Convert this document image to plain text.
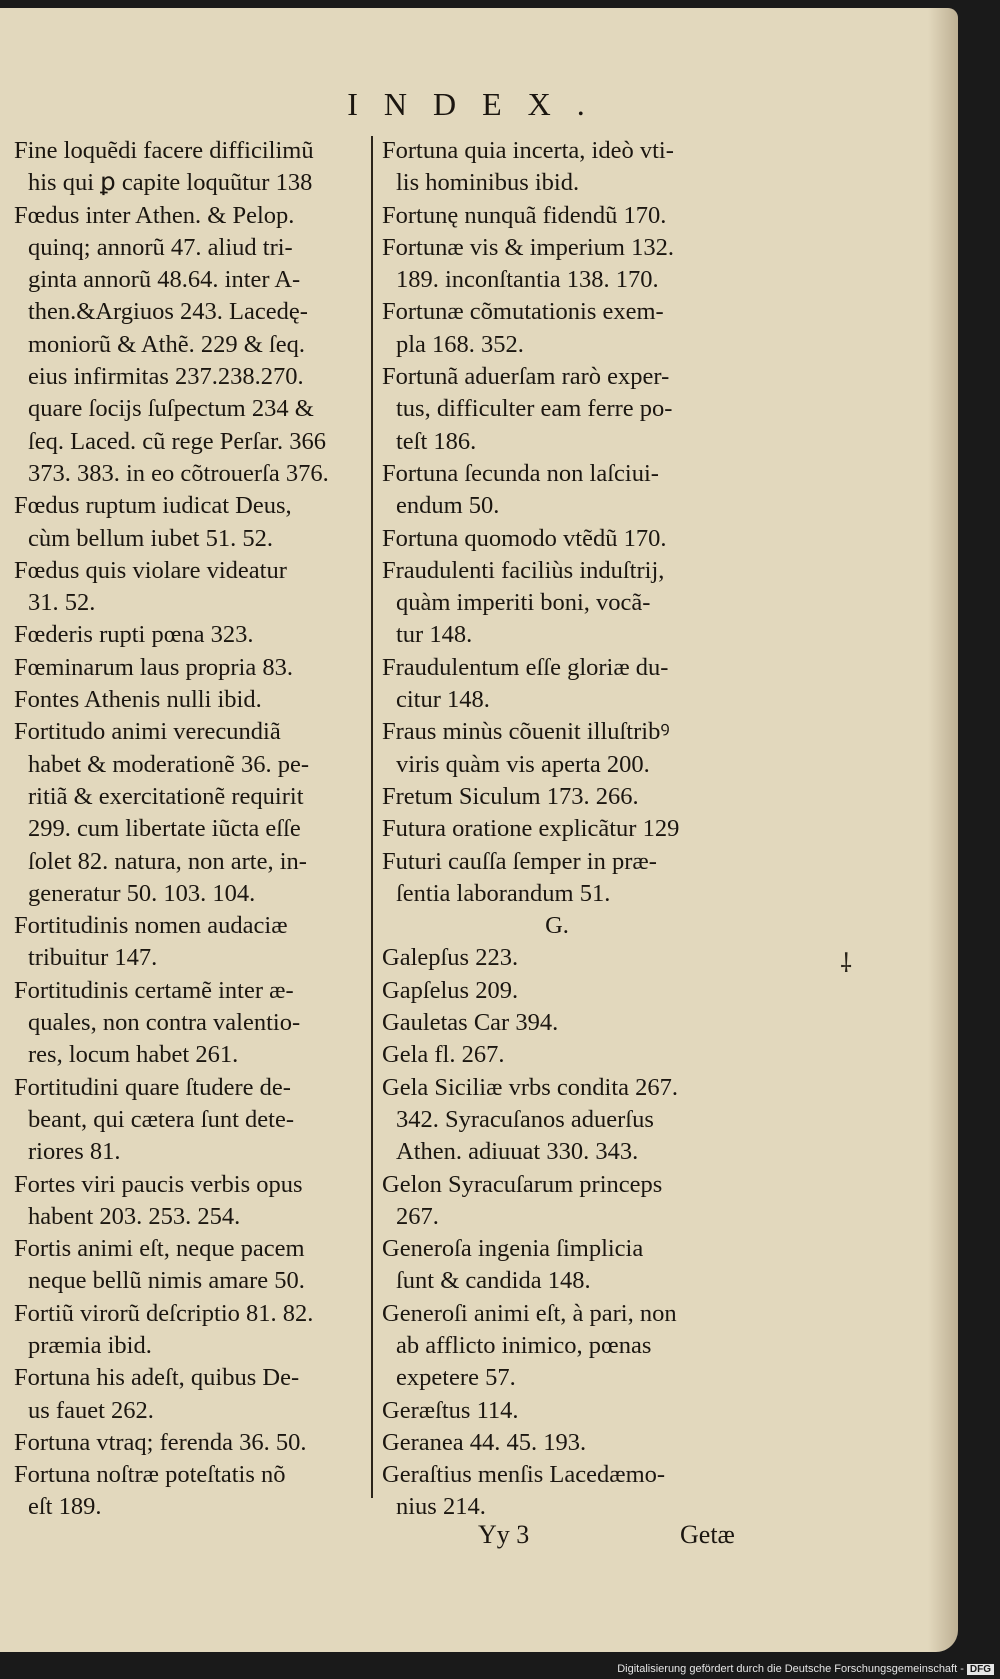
INDEX.
Fine loquẽdi facere difficilimũ
his qui ꝑ capite loquũtur 138
Fœdus inter Athen. & Pelop.
quinq; annorũ 47. aliud tri-
ginta annorũ 48.64. inter A-
then.&Argiuos 243. Lacedę-
moniorũ & Athẽ. 229 & ſeq.
eius infirmitas 237.238.270.
quare ſocijs ſuſpectum 234 &
ſeq. Laced. cũ rege Perſar. 366
373. 383. in eo cõtrouerſa 376.
Fœdus ruptum iudicat Deus,
cùm bellum iubet 51. 52.
Fœdus quis violare videatur
31. 52.
Fœderis rupti pœna 323.
Fœminarum laus propria 83.
Fontes Athenis nulli ibid.
Fortitudo animi verecundiã
habet & moderationẽ 36. pe-
ritiã & exercitationẽ requirit
299. cum libertate iũcta eſſe
ſolet 82. natura, non arte, in-
generatur 50. 103. 104.
Fortitudinis nomen audaciæ
tribuitur 147.
Fortitudinis certamẽ inter æ-
quales, non contra valentio-
res, locum habet 261.
Fortitudini quare ſtudere de-
beant, qui cætera ſunt dete-
riores 81.
Fortes viri paucis verbis opus
habent 203. 253. 254.
Fortis animi eſt, neque pacem
neque bellũ nimis amare 50.
Fortiũ virorũ deſcriptio 81. 82.
præmia ibid.
Fortuna his adeſt, quibus De-
us fauet 262.
Fortuna vtraq; ferenda 36. 50.
Fortuna noſtræ poteſtatis nõ
eſt 189.
Fortuna quia incerta, ideò vti-
lis hominibus ibid.
Fortunę nunquã fidendũ 170.
Fortunæ vis & imperium 132.
189. inconſtantia 138. 170.
Fortunæ cõmutationis exem-
pla 168. 352.
Fortunã aduerſam rarò exper-
tus, difficulter eam ferre po-
teſt 186.
Fortuna ſecunda non laſciui-
endum 50.
Fortuna quomodo vtẽdũ 170.
Fraudulenti faciliùs induſtrij,
quàm imperiti boni, vocã-
tur 148.
Fraudulentum eſſe gloriæ du-
citur 148.
Fraus minùs cõuenit illuſtribꝰ
viris quàm vis aperta 200.
Fretum Siculum 173. 266.
Futura oratione explicãtur 129
Futuri cauſſa ſemper in præ-
ſentia laborandum 51.
G.
Galepſus 223.
Gapſelus 209.
Gauletas Car 394.
Gela fl. 267.
Gela Siciliæ vrbs condita 267.
342. Syracuſanos aduerſus
Athen. adiuuat 330. 343.
Gelon Syracuſarum princeps
267.
Generoſa ingenia ſimplicia
ſunt & candida 148.
Generoſi animi eſt, à pari, non
ab afflicto inimico, pœnas
expetere 57.
Geræſtus 114.
Geranea 44. 45. 193.
Geraſtius menſis Lacedæmo-
nius 214.
⸸
Yy 3	Getæ
Digitalisierung gefördert durch die Deutsche Forschungsgemeinschaft - DFG
